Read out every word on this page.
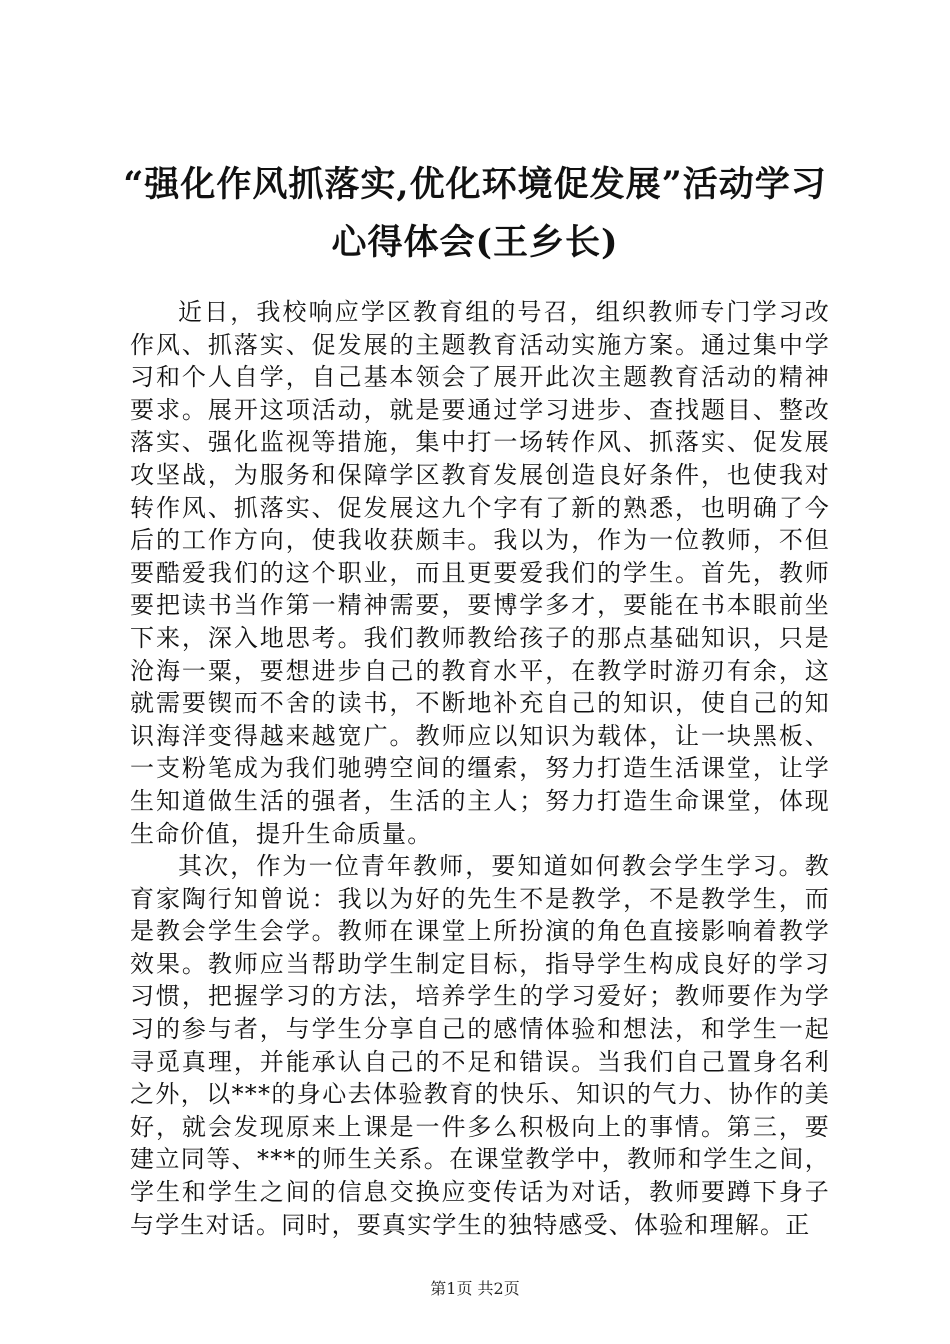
“强化作风抓落实,优化环境促发展”活动学习心得体会(王乡长)

近日，我校响应学区教育组的号召，组织教师专门学习改作风、抓落实、促发展的主题教育活动实施方案。通过集中学习和个人自学，自己基本领会了展开此次主题教育活动的精神要求。展开这项活动，就是要通过学习进步、查找题目、整改落实、强化监视等措施，集中打一场转作风、抓落实、促发展攻坚战，为服务和保障学区教育发展创造良好条件，也使我对转作风、抓落实、促发展这九个字有了新的熟悉，也明确了今后的工作方向，使我收获颇丰。我以为，作为一位教师，不但要酷爱我们的这个职业，而且更要爱我们的学生。首先，教师要把读书当作第一精神需要，要博学多才，要能在书本眼前坐下来，深入地思考。我们教师教给孩子的那点基础知识，只是沧海一粟，要想进步自己的教育水平，在教学时游刃有余，这就需要锲而不舍的读书，不断地补充自己的知识，使自己的知识海洋变得越来越宽广。教师应以知识为载体，让一块黑板、一支粉笔成为我们驰骋空间的缰索，努力打造生活课堂，让学生知道做生活的强者，生活的主人；努力打造生命课堂，体现生命价值，提升生命质量。

其次，作为一位青年教师，要知道如何教会学生学习。教育家陶行知曾说：我以为好的先生不是教学，不是教学生，而是教会学生会学。教师在课堂上所扮演的角色直接影响着教学效果。教师应当帮助学生制定目标，指导学生构成良好的学习习惯，把握学习的方法，培养学生的学习爱好；教师要作为学习的参与者，与学生分享自己的感情体验和想法，和学生一起寻觅真理，并能承认自己的不足和错误。当我们自己置身名利之外，以***的身心去体验教育的快乐、知识的气力、协作的美好，就会发现原来上课是一件多么积极向上的事情。第三，要建立同等、***的师生关系。在课堂教学中，教师和学生之间，学生和学生之间的信息交换应变传话为对话，教师要蹲下身子与学生对话。同时，要真实学生的独特感受、体验和理解。正

第1页 共2页
